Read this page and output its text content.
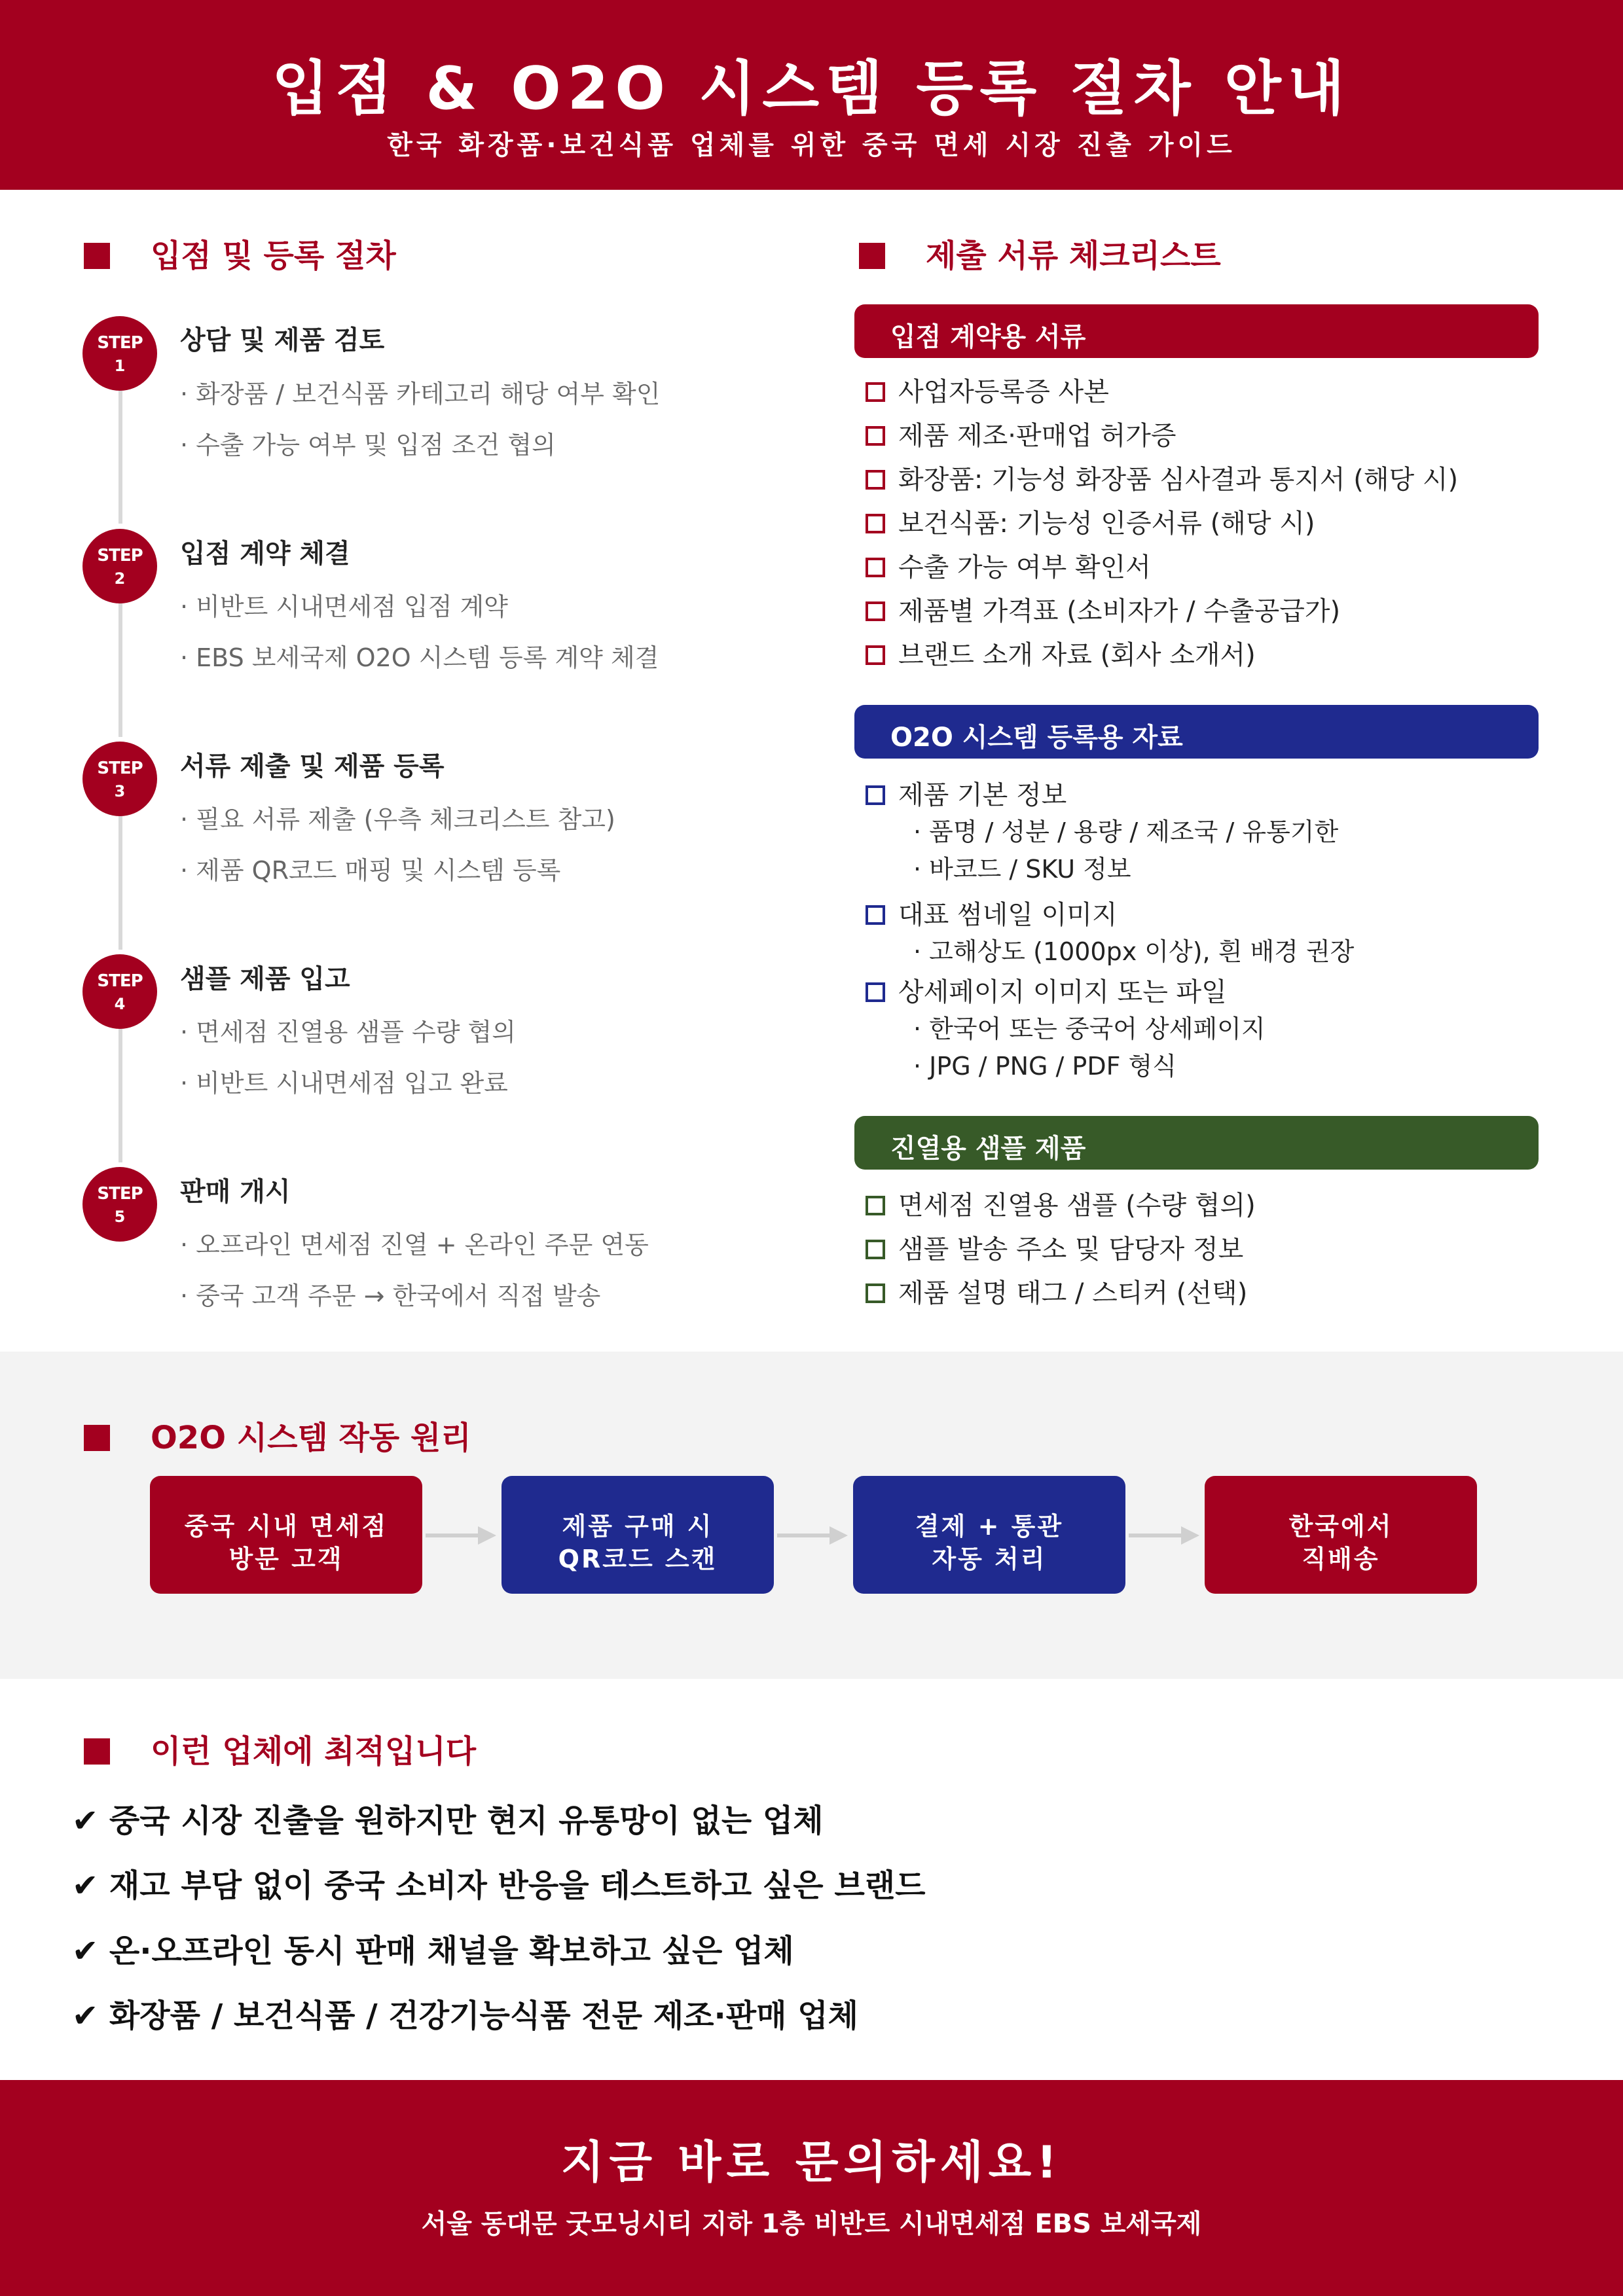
입점 & O2O 시스템 등록 절차 안내
한국 화장품·보건식품 업체를 위한 중국 면세 시장 진출 가이드
입점 및 등록 절차
STEP
1
상담 및 제품 검토
· 화장품 / 보건식품 카테고리 해당 여부 확인
· 수출 가능 여부 및 입점 조건 협의
STEP
2
입점 계약 체결
· 비반트 시내면세점 입점 계약
· EBS 보세국제 O2O 시스템 등록 계약 체결
STEP
3
서류 제출 및 제품 등록
· 필요 서류 제출 (우측 체크리스트 참고)
· 제품 QR코드 매핑 및 시스템 등록
STEP
4
샘플 제품 입고
· 면세점 진열용 샘플 수량 협의
· 비반트 시내면세점 입고 완료
STEP
5
판매 개시
· 오프라인 면세점 진열 + 온라인 주문 연동
· 중국 고객 주문 → 한국에서 직접 발송
제출 서류 체크리스트
입점 계약용 서류
사업자등록증 사본
제품 제조·판매업 허가증
화장품: 기능성 화장품 심사결과 통지서 (해당 시)
보건식품: 기능성 인증서류 (해당 시)
수출 가능 여부 확인서
제품별 가격표 (소비자가 / 수출공급가)
브랜드 소개 자료 (회사 소개서)
O2O 시스템 등록용 자료
제품 기본 정보
· 품명 / 성분 / 용량 / 제조국 / 유통기한
· 바코드 / SKU 정보
대표 썸네일 이미지
· 고해상도 (1000px 이상), 흰 배경 권장
상세페이지 이미지 또는 파일
· 한국어 또는 중국어 상세페이지
· JPG / PNG / PDF 형식
진열용 샘플 제품
면세점 진열용 샘플 (수량 협의)
샘플 발송 주소 및 담당자 정보
제품 설명 태그 / 스티커 (선택)
O2O 시스템 작동 원리
중국 시내 면세점
방문 고객
제품 구매 시
QR코드 스캔
결제 + 통관
자동 처리
한국에서
직배송
이런 업체에 최적입니다
✔ 중국 시장 진출을 원하지만 현지 유통망이 없는 업체
✔ 재고 부담 없이 중국 소비자 반응을 테스트하고 싶은 브랜드
✔ 온·오프라인 동시 판매 채널을 확보하고 싶은 업체
✔ 화장품 / 보건식품 / 건강기능식품 전문 제조·판매 업체
지금 바로 문의하세요!
서울 동대문 굿모닝시티 지하 1층 비반트 시내면세점 EBS 보세국제
